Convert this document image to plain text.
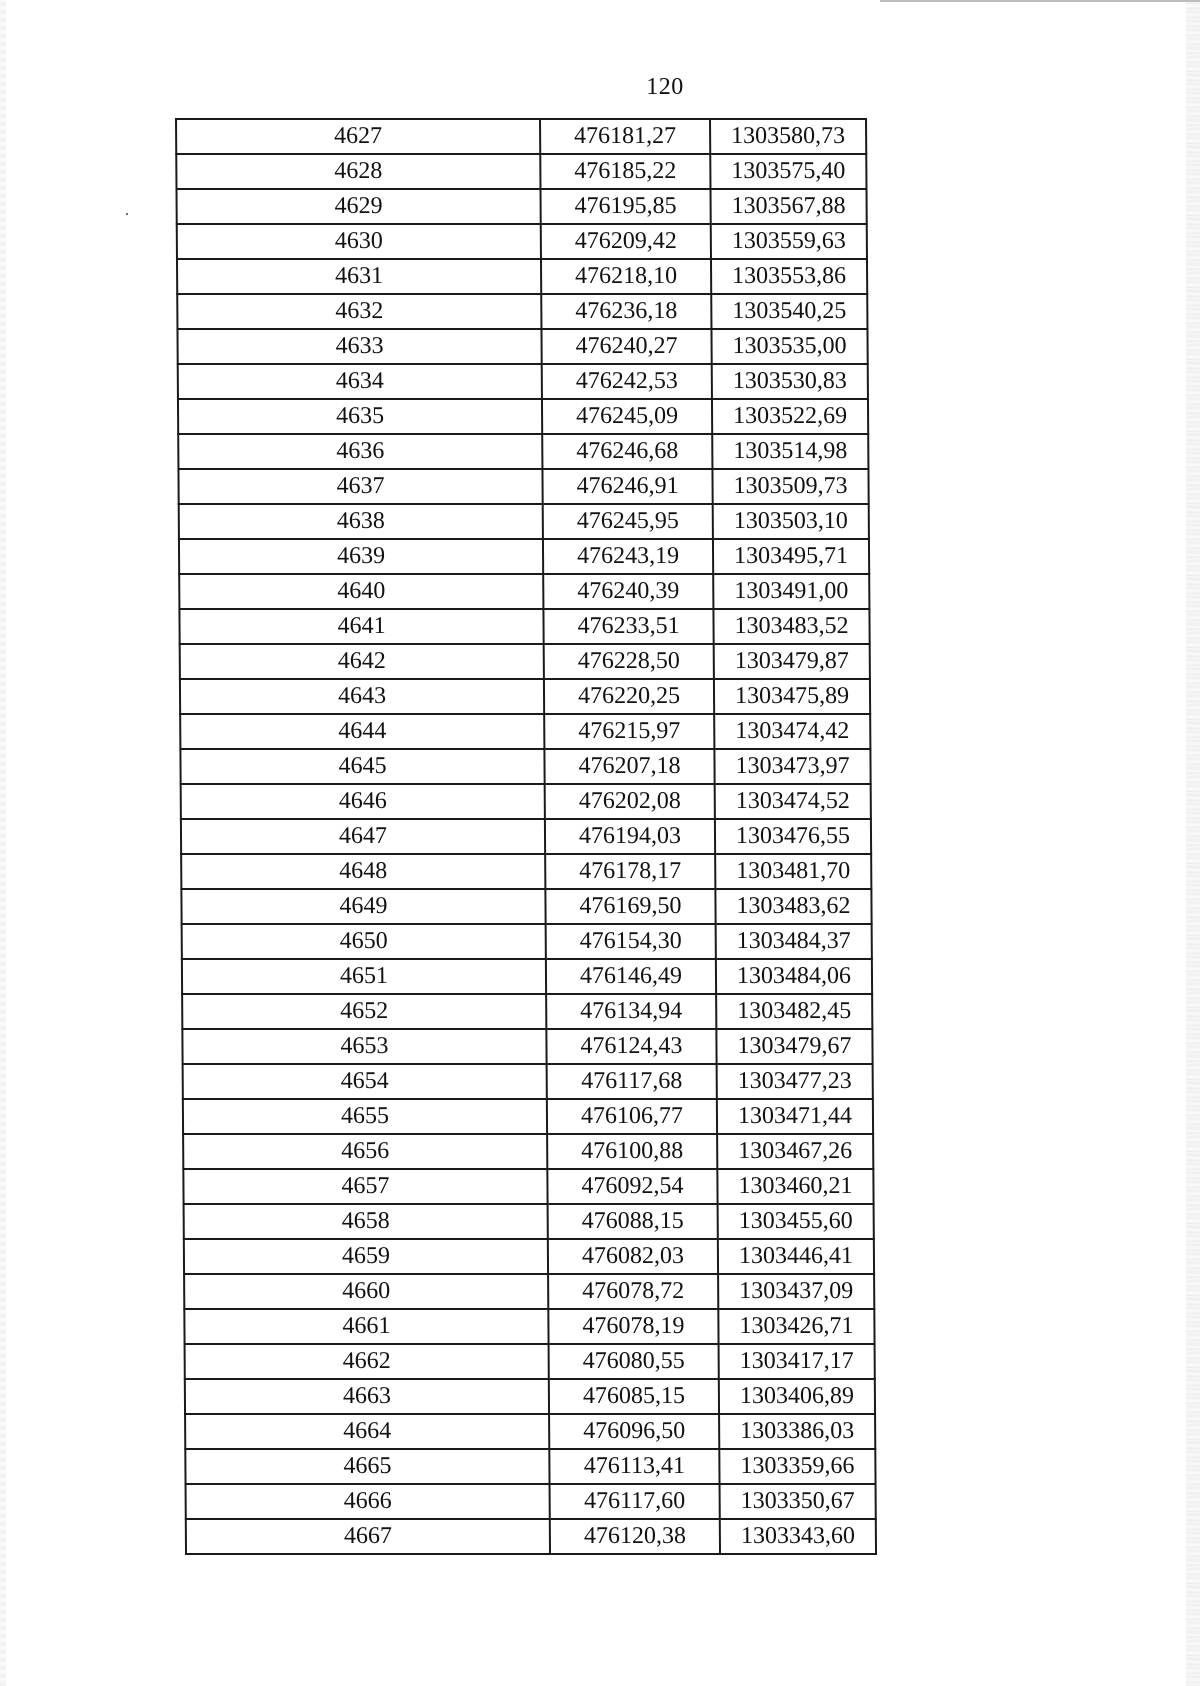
120
4627	476181,27	1303580,73
4628	476185,22	1303575,40
4629	476195,85	1303567,88
4630	476209,42	1303559,63
4631	476218,10	1303553,86
4632	476236,18	1303540,25
4633	476240,27	1303535,00
4634	476242,53	1303530,83
4635	476245,09	1303522,69
4636	476246,68	1303514,98
4637	476246,91	1303509,73
4638	476245,95	1303503,10
4639	476243,19	1303495,71
4640	476240,39	1303491,00
4641	476233,51	1303483,52
4642	476228,50	1303479,87
4643	476220,25	1303475,89
4644	476215,97	1303474,42
4645	476207,18	1303473,97
4646	476202,08	1303474,52
4647	476194,03	1303476,55
4648	476178,17	1303481,70
4649	476169,50	1303483,62
4650	476154,30	1303484,37
4651	476146,49	1303484,06
4652	476134,94	1303482,45
4653	476124,43	1303479,67
4654	476117,68	1303477,23
4655	476106,77	1303471,44
4656	476100,88	1303467,26
4657	476092,54	1303460,21
4658	476088,15	1303455,60
4659	476082,03	1303446,41
4660	476078,72	1303437,09
4661	476078,19	1303426,71
4662	476080,55	1303417,17
4663	476085,15	1303406,89
4664	476096,50	1303386,03
4665	476113,41	1303359,66
4666	476117,60	1303350,67
4667	476120,38	1303343,60
